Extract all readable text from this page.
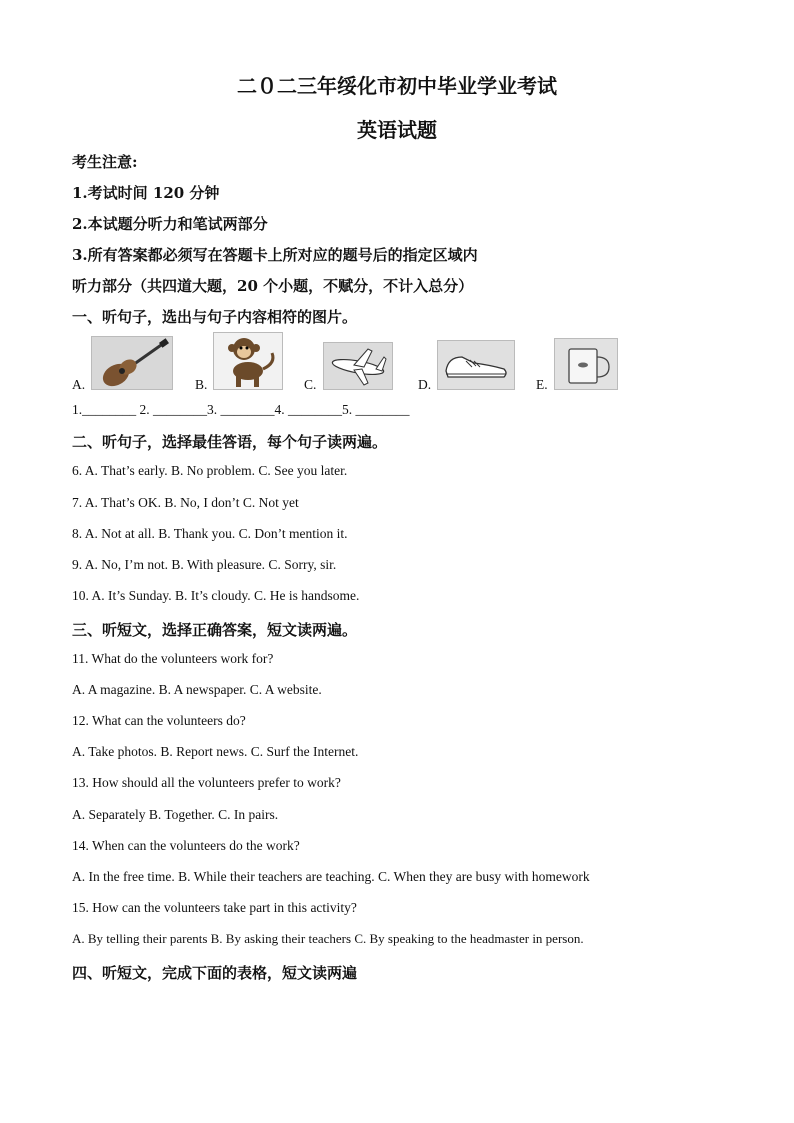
二０二三年绥化市初中毕业学业考试
英语试题
考生注意:
1.考试时间 120 分钟
2.本试题分听力和笔试两部分
3.所有答案都必须写在答题卡上所对应的题号后的指定区域内
听力部分（共四道大题，20 个小题，不赋分，不计入总分）
一、听句子，选出与句子内容相符的图片。
A.	B.	C.	D.	E.
1.________ 2. ________3. ________4. ________5. ________
二、听句子，选择最佳答语，每个句子读两遍。
6. A. That’s early. B. No problem. C. See you later.
7. A. That’s OK. B. No, I don’t C. Not yet
8. A. Not at all. B. Thank you. C. Don’t mention it.
9. A. No, I’m not. B. With pleasure. C. Sorry, sir.
10. A. It’s Sunday. B. It’s cloudy. C. He is handsome.
三、听短文，选择正确答案，短文读两遍。
11. What do the volunteers work for?
A. A magazine. B. A newspaper. C. A website.
12. What can the volunteers do?
A. Take photos. B. Report news. C. Surf the Internet.
13. How should all the volunteers prefer to work?
A. Separately B. Together. C. In pairs.
14. When can the volunteers do the work?
A. In the free time. B. While their teachers are teaching. C. When they are busy with homework
15. How can the volunteers take part in this activity?
A. By telling their parents B. By asking their teachers C. By speaking to the headmaster in person.
四、听短文，完成下面的表格，短文读两遍
